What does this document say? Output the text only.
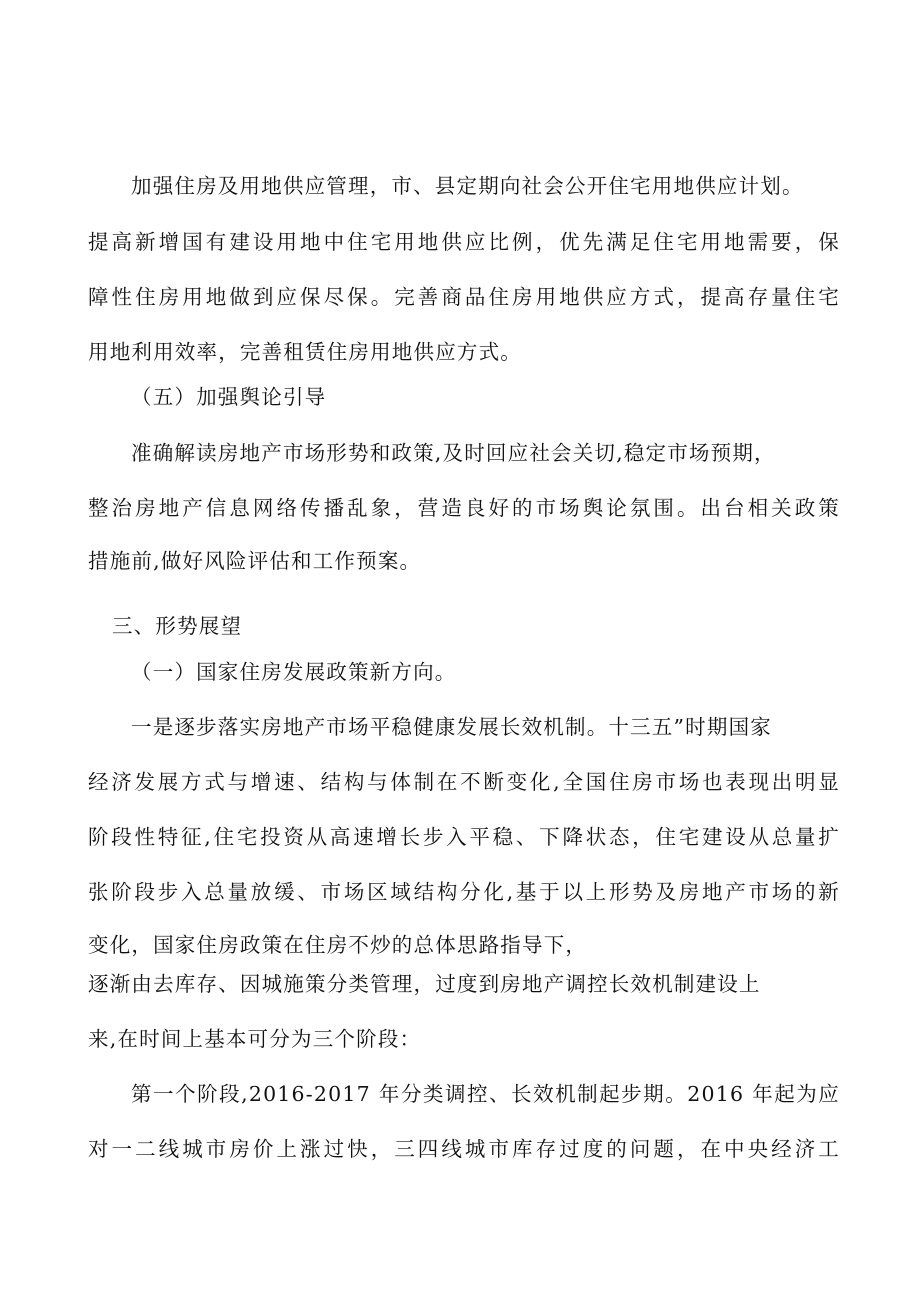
加强住房及用地供应管理，市、县定期向社会公开住宅用地供应计划。
提高新增国有建设用地中住宅用地供应比例，优先满足住宅用地需要，保
障性住房用地做到应保尽保。完善商品住房用地供应方式，提高存量住宅
用地利用效率，完善租赁住房用地供应方式。
（五）加强舆论引导
准确解读房地产市场形势和政策,及时回应社会关切,稳定市场预期，
整治房地产信息网络传播乱象，营造良好的市场舆论氛围。出台相关政策
措施前,做好风险评估和工作预案。
三、形势展望
（一）国家住房发展政策新方向。
一是逐步落实房地产市场平稳健康发展长效机制。十三五”时期国家
经济发展方式与增速、结构与体制在不断变化,全国住房市场也表现出明显
阶段性特征,住宅投资从高速增长步入平稳、下降状态，住宅建设从总量扩
张阶段步入总量放缓、市场区域结构分化,基于以上形势及房地产市场的新
变化，国家住房政策在住房不炒的总体思路指导下，
逐渐由去库存、因城施策分类管理，过度到房地产调控长效机制建设上
来,在时间上基本可分为三个阶段：
第一个阶段,2016-2017 年分类调控、长效机制起步期。2016 年起为应
对一二线城市房价上涨过快，三四线城市库存过度的问题，在中央经济工
